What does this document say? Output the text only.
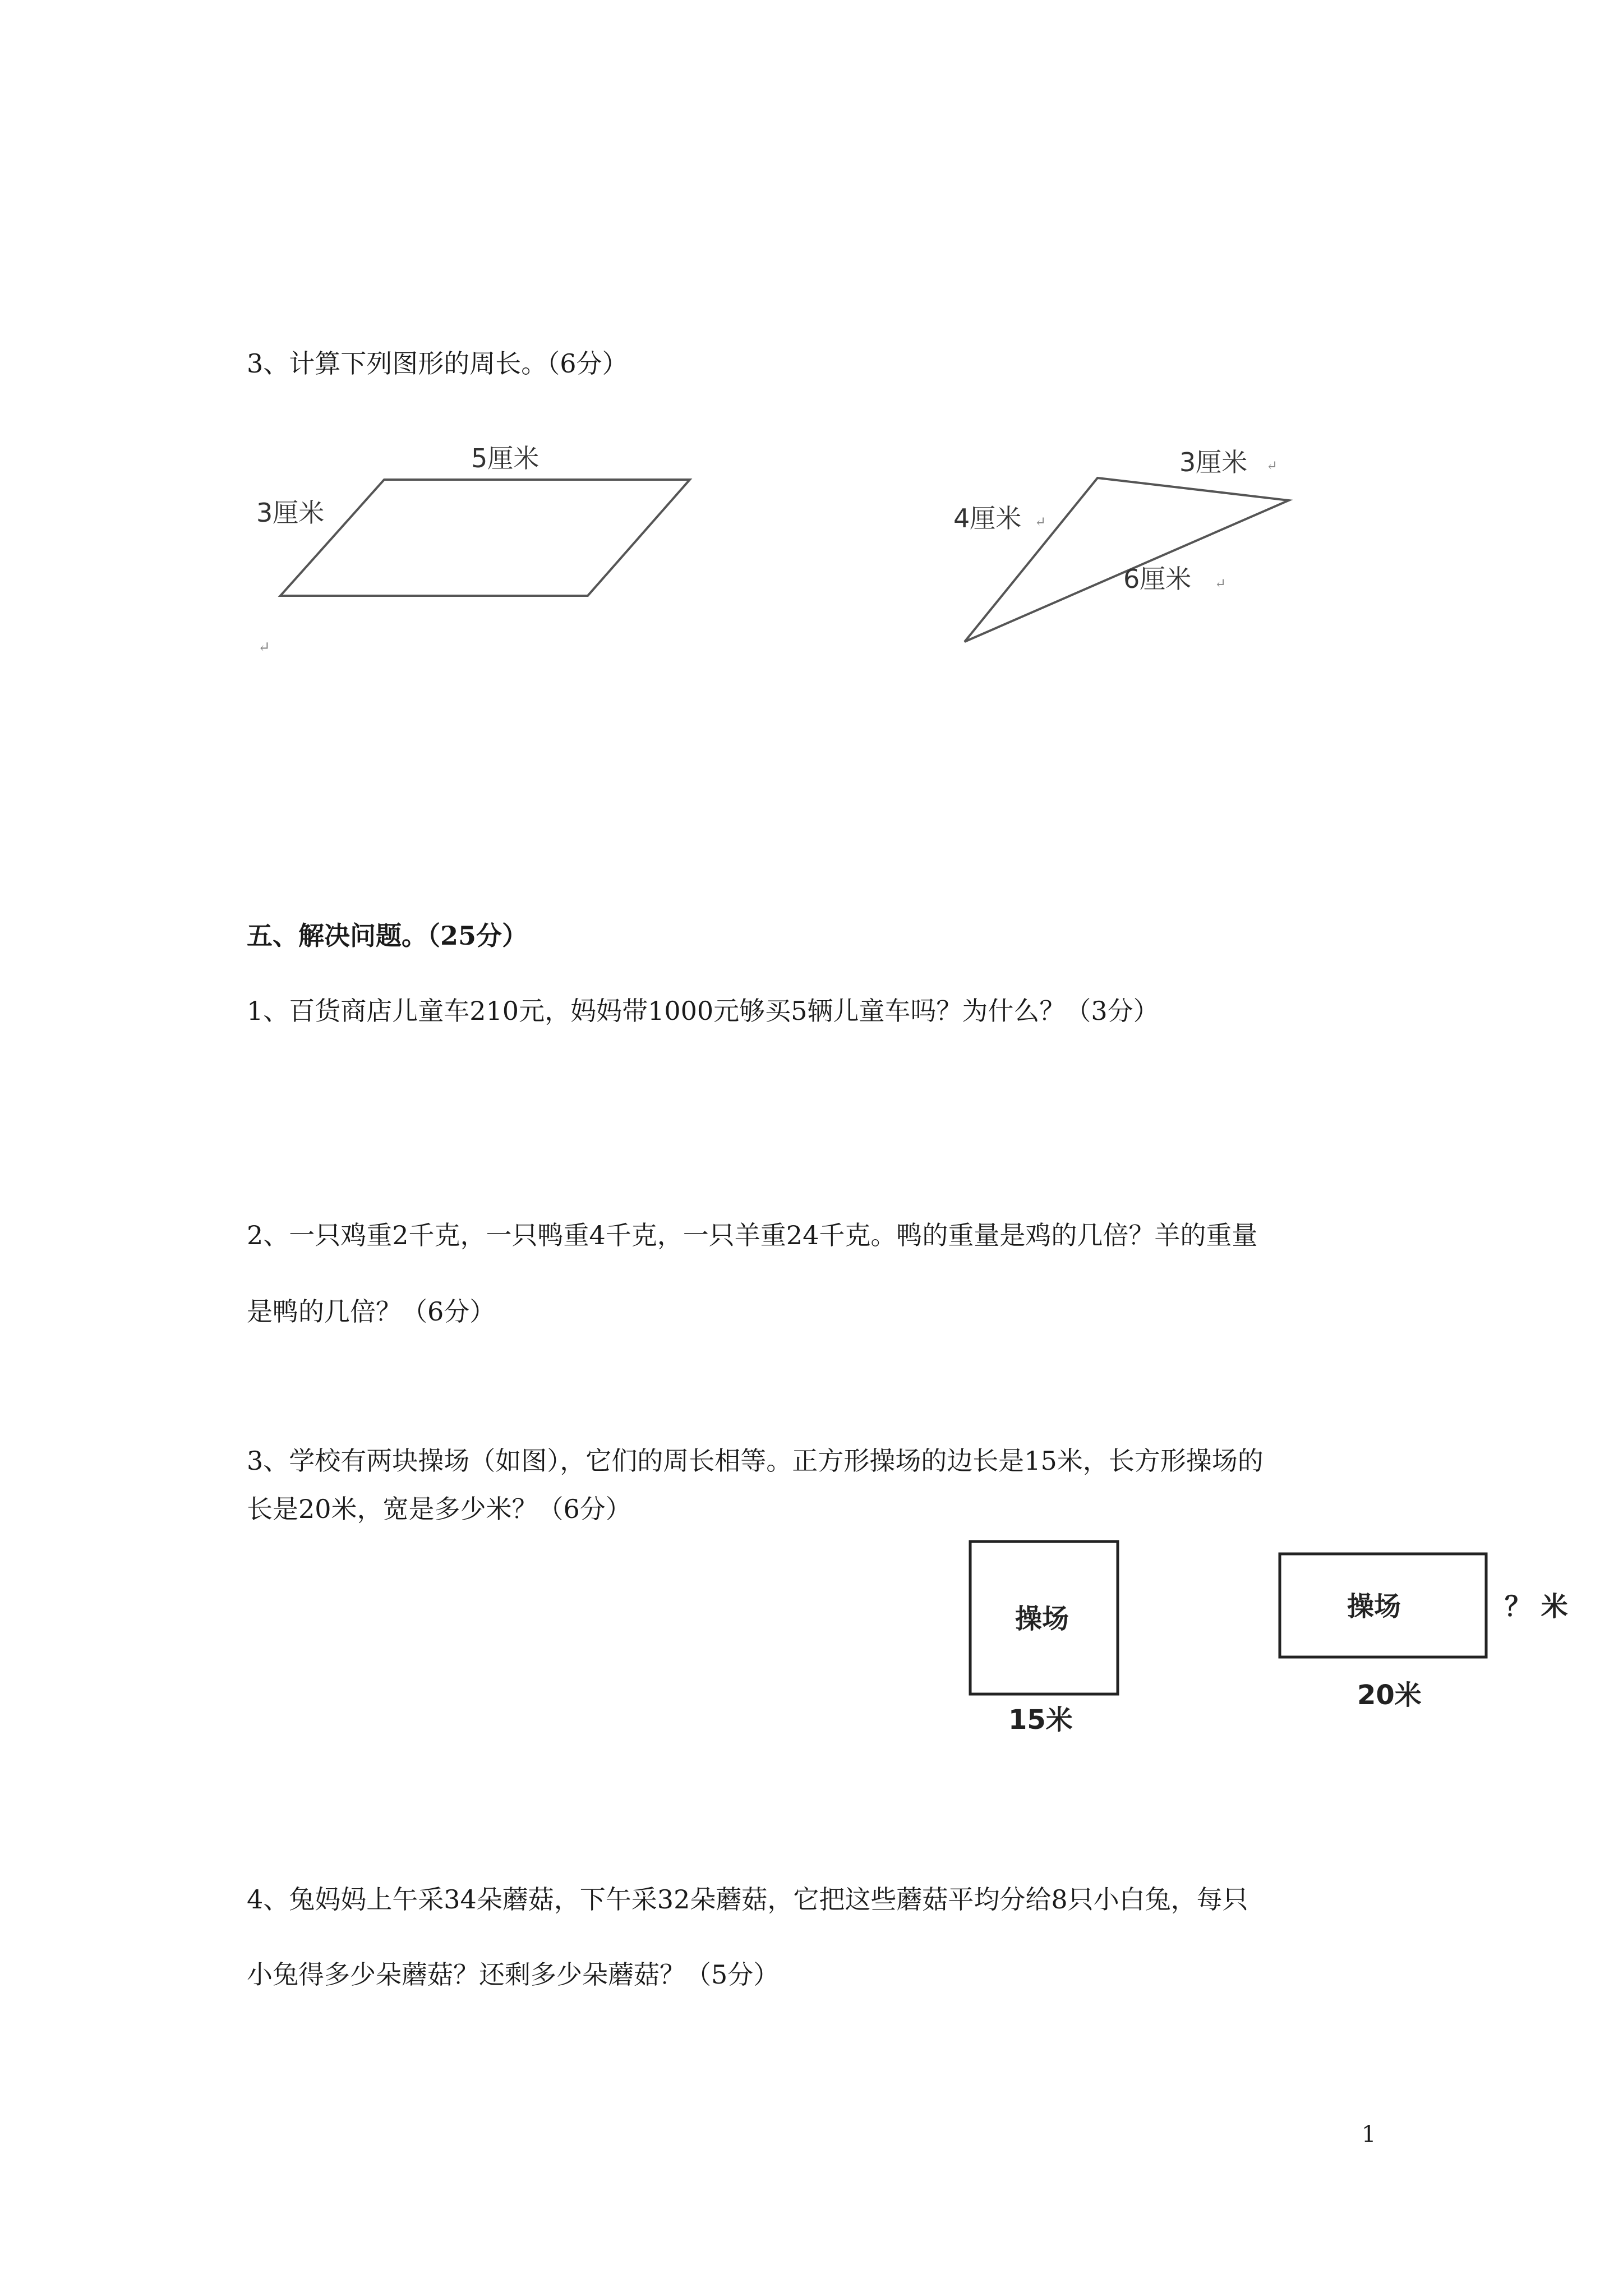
3、计算下列图形的周长。（6分）
5厘米
3厘米
↵
3厘米
4厘米
6厘米
↵
↵
↵
五、解决问题。（25分）
1、百货商店儿童车210元，妈妈带1000元够买5辆儿童车吗？为什么？（3分）
2、一只鸡重2千克，一只鸭重4千克，一只羊重24千克。鸭的重量是鸡的几倍？羊的重量
是鸭的几倍？（6分）
3、学校有两块操场（如图），它们的周长相等。正方形操场的边长是15米，长方形操场的
长是20米，宽是多少米？（6分）
操场
15米
操场
20米
？ 米
4、兔妈妈上午采34朵蘑菇，下午采32朵蘑菇，它把这些蘑菇平均分给8只小白兔，每只
小兔得多少朵蘑菇？还剩多少朵蘑菇？（5分）
1
